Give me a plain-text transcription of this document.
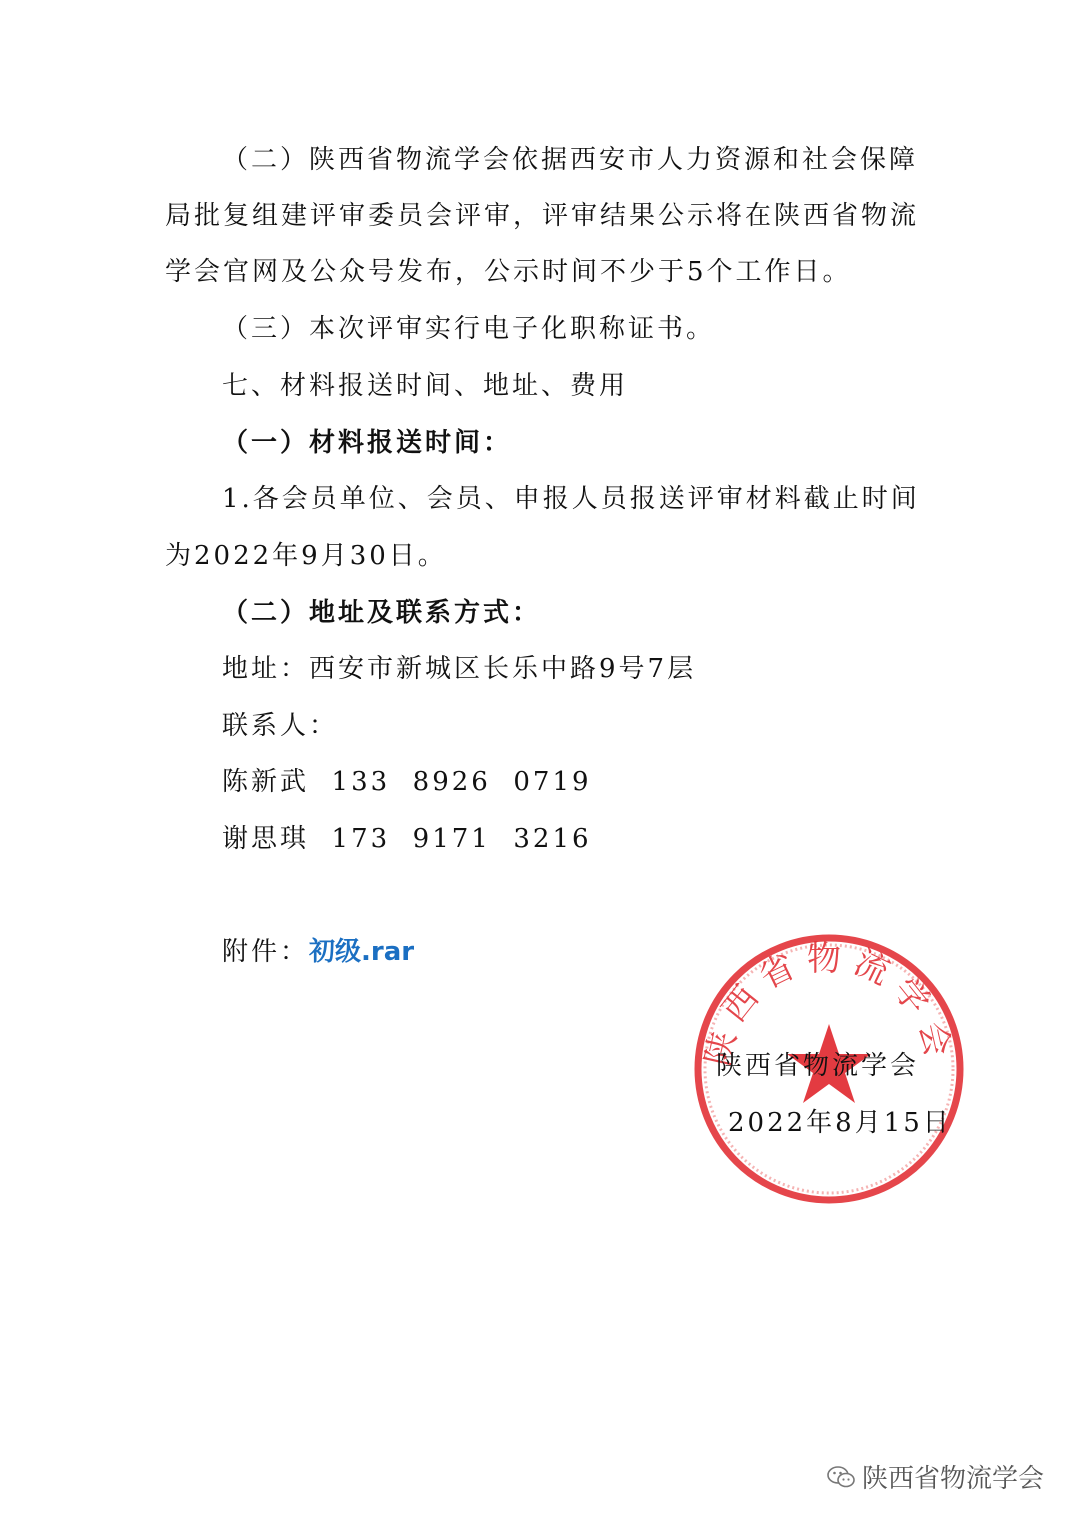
（二）陕西省物流学会依据西安市人力资源和社会保障
局批复组建评审委员会评审，评审结果公示将在陕西省物流
学会官网及公众号发布，公示时间不少于5个工作日。
（三）本次评审实行电子化职称证书。
七、材料报送时间、地址、费用
（一）材料报送时间：
1.各会员单位、会员、申报人员报送评审材料截止时间
为2022年9月30日。
（二）地址及联系方式：
地址：西安市新城区长乐中路9号7层
联系人：
陈新武  133  8926  0719
谢思琪  173  9171  3216
附件：初级.rar
陕西省物流学会
陕西省物流学会
2022年8月15日
陕西省物流学会
